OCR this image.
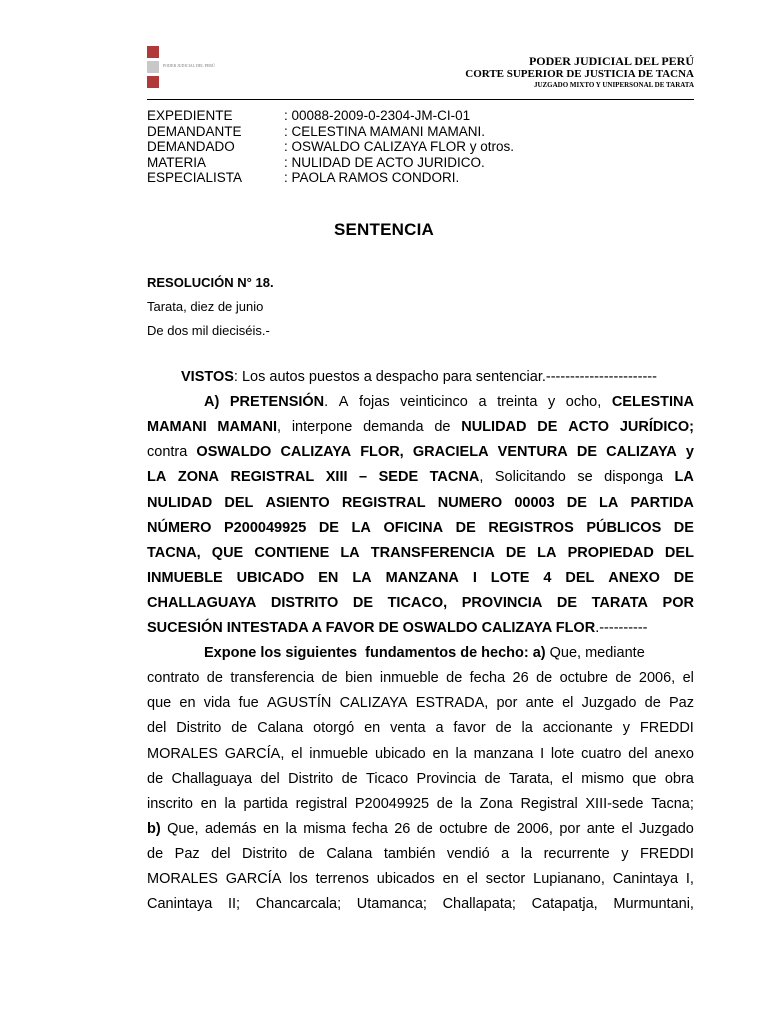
PODER JUDICIAL DEL PERÚ	PODER JUDICIAL DEL PERÚ
CORTE SUPERIOR DE JUSTICIA DE TACNA
JUZGADO MIXTO Y UNIPERSONAL DE TARATA
EXPEDIENTE	: 00088-2009-0-2304-JM-CI-01
DEMANDANTE	: CELESTINA MAMANI MAMANI.
DEMANDADO	: OSWALDO CALIZAYA FLOR y otros.
MATERIA	: NULIDAD DE ACTO JURIDICO.
ESPECIALISTA	: PAOLA RAMOS CONDORI.
SENTENCIA
RESOLUCIÓN N° 18.
Tarata, diez de junio
De dos mil dieciséis.-
VISTOS : Los autos puestos a despacho para sentenciar.-----------------------
A) PRETENSIÓN. A fojas veinticinco a treinta y ocho, CELESTINA
MAMANI MAMANI, interpone demanda de NULIDAD DE ACTO JURÍDICO;
contra OSWALDO CALIZAYA FLOR, GRACIELA VENTURA DE CALIZAYA y
LA ZONA REGISTRAL XIII – SEDE TACNA, Solicitando se disponga LA
NULIDAD DEL ASIENTO REGISTRAL NUMERO 00003 DE LA PARTIDA
NÚMERO P200049925 DE LA OFICINA DE REGISTROS PÚBLICOS DE
TACNA, QUE CONTIENE LA TRANSFERENCIA DE LA PROPIEDAD DEL
INMUEBLE UBICADO EN LA MANZANA I LOTE 4 DEL ANEXO DE
CHALLAGUAYA DISTRITO DE TICACO, PROVINCIA DE TARATA POR
SUCESIÓN INTESTADA A FAVOR DE OSWALDO CALIZAYA FLOR .----------
Expone los siguientes  fundamentos de hecho: a) Que, mediante
contrato de transferencia de bien inmueble de fecha 26 de octubre de 2006, el
que en vida fue AGUSTÍN CALIZAYA ESTRADA, por ante el Juzgado de Paz
del Distrito de Calana otorgó en venta a favor de la accionante y FREDDI
MORALES GARCÍA, el inmueble ubicado en la manzana I lote cuatro del anexo
de Challaguaya del Distrito de Ticaco Provincia de Tarata, el mismo que obra
inscrito en la partida registral P20049925 de la Zona Registral XIII-sede Tacna;
b) Que, además en la misma fecha 26 de octubre de 2006, por ante el Juzgado
de Paz del Distrito de Calana también vendió a la recurrente y FREDDI
MORALES GARCÍA los terrenos ubicados en el sector Lupianano, Canintaya I,
Canintaya II; Chancarcala; Utamanca; Challapata; Catapatja, Murmuntani,
